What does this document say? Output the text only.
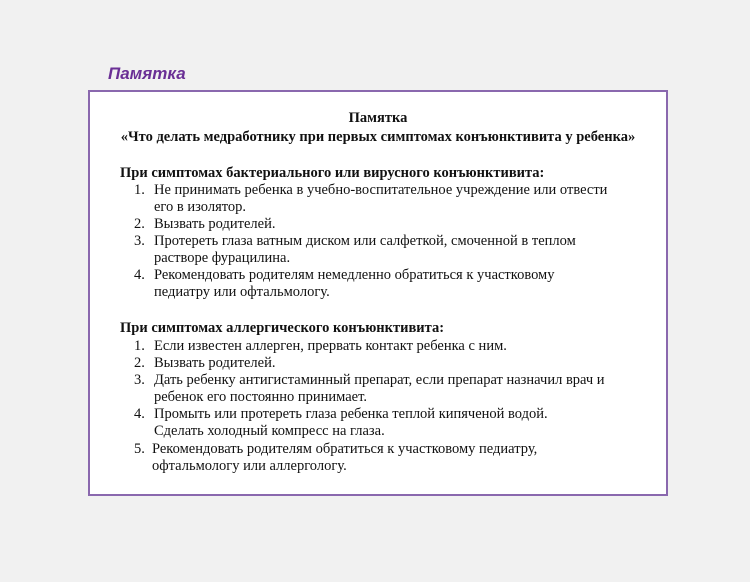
Памятка
Памятка
«Что делать медработнику при первых симптомах конъюнктивита у ребенка»
При симптомах бактериального или вирусного конъюнктивита:
1. Не принимать ребенка в учебно-воспитательное учреждение или отвести
его в изолятор.
2. Вызвать родителей.
3. Протереть глаза ватным диском или салфеткой, смоченной в теплом
растворе фурацилина.
4. Рекомендовать родителям немедленно обратиться к участковому
педиатру или офтальмологу.
При симптомах аллергического конъюнктивита:
1. Если известен аллерген, прервать контакт ребенка с ним.
2. Вызвать родителей.
3. Дать ребенку антигистаминный препарат, если препарат назначил врач и
ребенок его постоянно принимает.
4. Промыть или протереть глаза ребенка теплой кипяченой водой.
Сделать холодный компресс на глаза.
5. Рекомендовать родителям обратиться к участковому педиатру,
офтальмологу или аллергологу.
